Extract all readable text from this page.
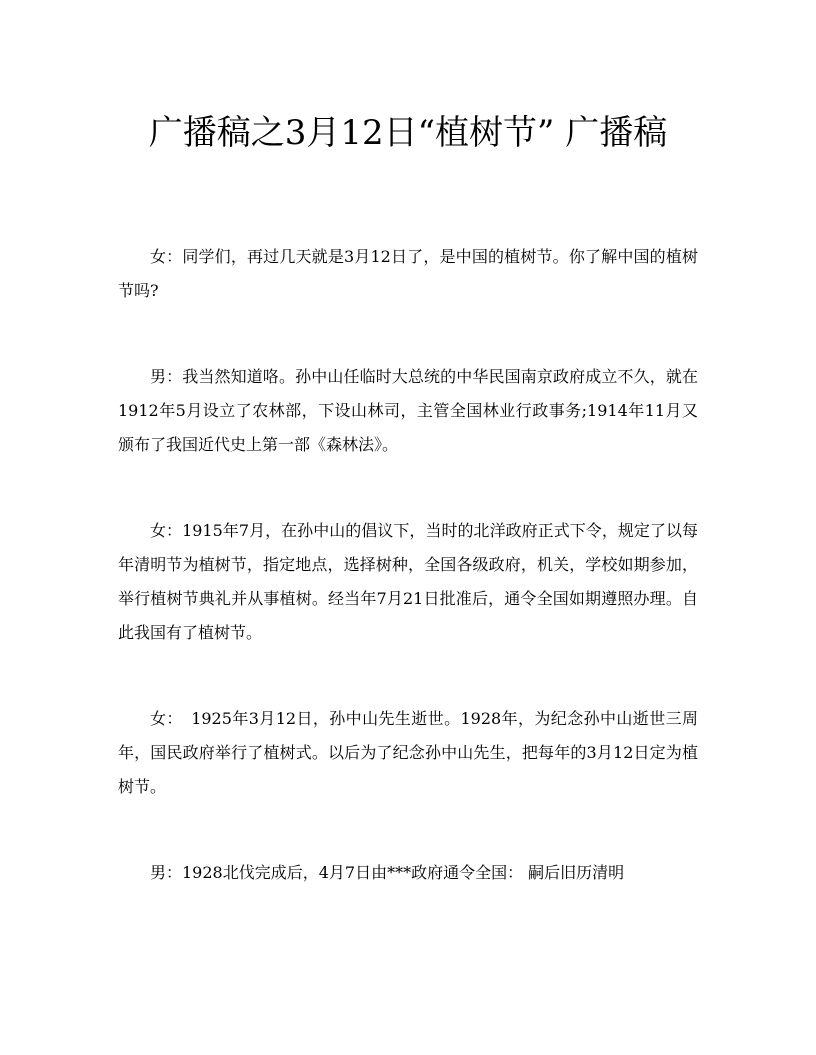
广播稿之3月12日“植树节” 广播稿

女：同学们，再过几天就是3月12日了，是中国的植树节。你了解中国的植树节吗?

男：我当然知道咯。孙中山任临时大总统的中华民国南京政府成立不久，就在1912年5月设立了农林部，下设山林司，主管全国林业行政事务;1914年11月又颁布了我国近代史上第一部《森林法》。

女：1915年7月，在孙中山的倡议下，当时的北洋政府正式下令，规定了以每年清明节为植树节，指定地点，选择树种，全国各级政府，机关，学校如期参加，举行植树节典礼并从事植树。经当年7月21日批准后，通令全国如期遵照办理。自此我国有了植树节。

女：　1925年3月12日，孙中山先生逝世。1928年，为纪念孙中山逝世三周年，国民政府举行了植树式。以后为了纪念孙中山先生，把每年的3月12日定为植树节。

男：1928北伐完成后，4月7日由***政府通令全国： 嗣后旧历清明
